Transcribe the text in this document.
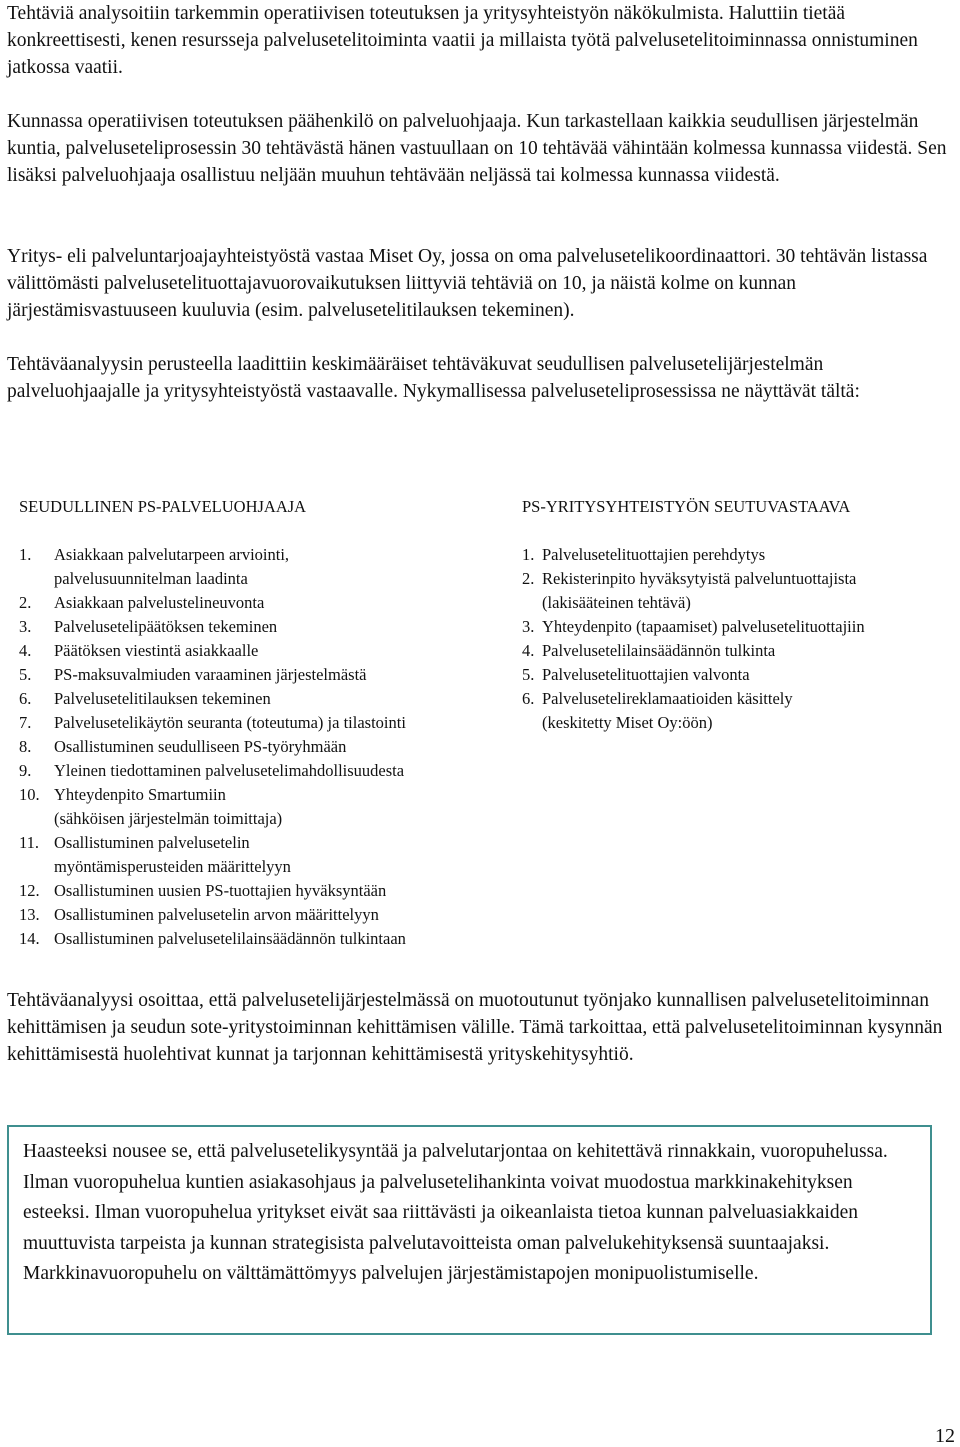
Tehtäviä analysoitiin tarkemmin operatiivisen toteutuksen ja yritysyhteistyön näkökulmista. Haluttiin tietää konkreettisesti, kenen resursseja palvelusetelitoiminta vaatii ja millaista työtä palvelusetelitoiminnassa onnistuminen jatkossa vaatii.

Kunnassa operatiivisen toteutuksen päähenkilö on palveluohjaaja. Kun tarkastellaan kaikkia seudullisen järjestelmän kuntia, palveluseteliprosessin 30 tehtävästä hänen vastuullaan on 10 tehtävää vähintään kolmessa kunnassa viidestä. Sen lisäksi palveluohjaaja osallistuu neljään muuhun tehtävään neljässä tai kolmessa kunnassa viidestä.

Yritys- eli palveluntarjoajayhteistyöstä vastaa Miset Oy, jossa on oma palvelusetelikoordinaattori. 30 tehtävän listassa välittömästi palvelusetelituottajavuorovaikutuksen liittyviä tehtäviä on 10, ja näistä kolme on kunnan järjestämisvastuuseen kuuluvia (esim. palvelusetelitilauksen tekeminen).

Tehtäväanalyysin perusteella laadittiin keskimääräiset tehtäväkuvat seudullisen palvelusetelijärjestelmän palveluohjaajalle ja yritysyhteistyöstä vastaavalle. Nykymallisessa palveluseteliprosessissa ne näyttävät tältä:

SEUDULLINEN PS-PALVELUOHJAAJA	PS-YRITYSYHTEISTYÖN SEUTUVASTAAVA
1. Asiakkaan palvelutarpeen arviointi,
palvelusuunnitelman laadinta
2. Asiakkaan palvelustelineuvonta
3. Palvelusetelipäätöksen tekeminen
4. Päätöksen viestintä asiakkaalle
5. PS-maksuvalmiuden varaaminen järjestelmästä
6. Palvelusetelitilauksen tekeminen
7. Palvelusetelikäytön seuranta (toteutuma) ja tilastointi
8. Osallistuminen seudulliseen PS-työryhmään
9. Yleinen tiedottaminen palvelusetelimahdollisuudesta
10. Yhteydenpito Smartumiin
(sähköisen järjestelmän toimittaja)
11. Osallistuminen palvelusetelin
myöntämisperusteiden määrittelyyn
12. Osallistuminen uusien PS-tuottajien hyväksyntään
13. Osallistuminen palvelusetelin arvon määrittelyyn
14. Osallistuminen palvelusetelilainsäädännön tulkintaan
1. Palvelusetelituottajien perehdytys
2. Rekisterinpito hyväksytyistä palveluntuottajista
(lakisääteinen tehtävä)
3. Yhteydenpito (tapaamiset) palvelusetelituottajiin
4. Palvelusetelilainsäädännön tulkinta
5. Palvelusetelituottajien valvonta
6. Palvelusetelireklamaatioiden käsittely
(keskitetty Miset Oy:öön)

Tehtäväanalyysi osoittaa, että palvelusetelijärjestelmässä on muotoutunut työnjako kunnallisen palvelusetelitoiminnan kehittämisen ja seudun sote-yritystoiminnan kehittämisen välille. Tämä tarkoittaa, että palvelusetelitoiminnan kysynnän kehittämisestä huolehtivat kunnat ja tarjonnan kehittämisestä yrityskehitysyhtiö.

Haasteeksi nousee se, että palvelusetelikysyntää ja palvelutarjontaa on kehitettävä rinnakkain, vuoropuhelussa. Ilman vuoropuhelua kuntien asiakasohjaus ja palvelusetelihankinta voivat muodostua markkinakehityksen esteeksi. Ilman vuoropuhelua yritykset eivät saa riittävästi ja oikeanlaista tietoa kunnan palveluasiakkaiden muuttuvista tarpeista ja kunnan strategisista palvelutavoitteista oman palvelukehityksensä suuntaajaksi. Markkinavuoropuhelu on välttämättömyys palvelujen järjestämistapojen monipuolistumiselle.

12
